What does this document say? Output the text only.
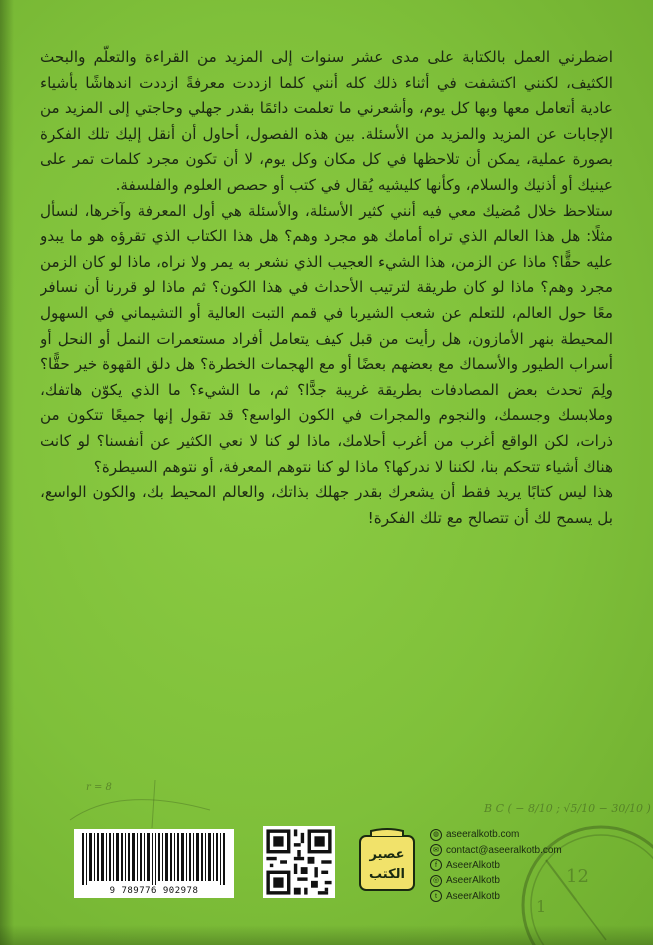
اضطرني العمل بالكتابة على مدى عشر سنوات إلى المزيد من القراءة والتعلّم والبحث الكثيف، لكنني اكتشفت في أثناء ذلك كله أنني كلما ازددت معرفةً ازددت اندهاشًا بأشياء عادية أتعامل معها وبها كل يوم، وأشعرني ما تعلمت دائمًا بقدر جهلي وحاجتي إلى المزيد من الإجابات عن المزيد والمزيد من الأسئلة. بين هذه الفصول، أحاول أن أنقل إليك تلك الفكرة بصورة عملية، يمكن أن تلاحظها في كل مكان وكل يوم، لا أن تكون مجرد كلمات تمر على عينيك أو أذنيك والسلام، وكأنها كليشيه يُقال في كتب أو حصص العلوم والفلسفة.

ستلاحظ خلال مُضيك معي فيه أنني كثير الأسئلة، والأسئلة هي أول المعرفة وآخرها، لنسأل مثلًا: هل هذا العالم الذي تراه أمامك هو مجرد وهم؟ هل هذا الكتاب الذي تقرؤه هو ما يبدو عليه حقًّا؟ ماذا عن الزمن، هذا الشيء العجيب الذي نشعر به يمر ولا نراه، ماذا لو كان الزمن مجرد وهم؟ ماذا لو كان طريقة لترتيب الأحداث في هذا الكون؟ ثم ماذا لو قررنا أن نسافر معًا حول العالم، للتعلم عن شعب الشيربا في قمم التبت العالية أو التشيماني في السهول المحيطة بنهر الأمازون، هل رأيت من قبل كيف يتعامل أفراد مستعمرات النمل أو النحل أو أسراب الطيور والأسماك مع بعضهم بعضًا أو مع الهجمات الخطرة؟ هل دلق القهوة خير حقًّا؟ ولِمَ تحدث بعض المصادفات بطريقة غريبة جدًّا؟ ثم، ما الشيء؟ ما الذي يكوّن هاتفك، وملابسك وجسمك، والنجوم والمجرات في الكون الواسع؟ قد تقول إنها جميعًا تتكون من ذرات، لكن الواقع أغرب من أغرب أحلامك، ماذا لو كنا لا نعي الكثير عن أنفسنا؟ لو كانت هناك أشياء تتحكم بنا، لكننا لا ندركها؟ ماذا لو كنا نتوهم المعرفة، أو نتوهم السيطرة؟

هذا ليس كتابًا يريد فقط أن يشعرك بقدر جهلك بذاتك، والعالم المحيط بك، والكون الواسع، بل يسمح لك أن تتصالح مع تلك الفكرة!

B C ( − 8/10 ; √5/10 − 30/10 )
r = 8
12
1
9 789776 902978
عصير
الكتب
◍ aseeralkotb.com
✉ contact@aseeralkotb.com
f AseerAlkotb
◎ AseerAlkotb
t AseerAlkotb
